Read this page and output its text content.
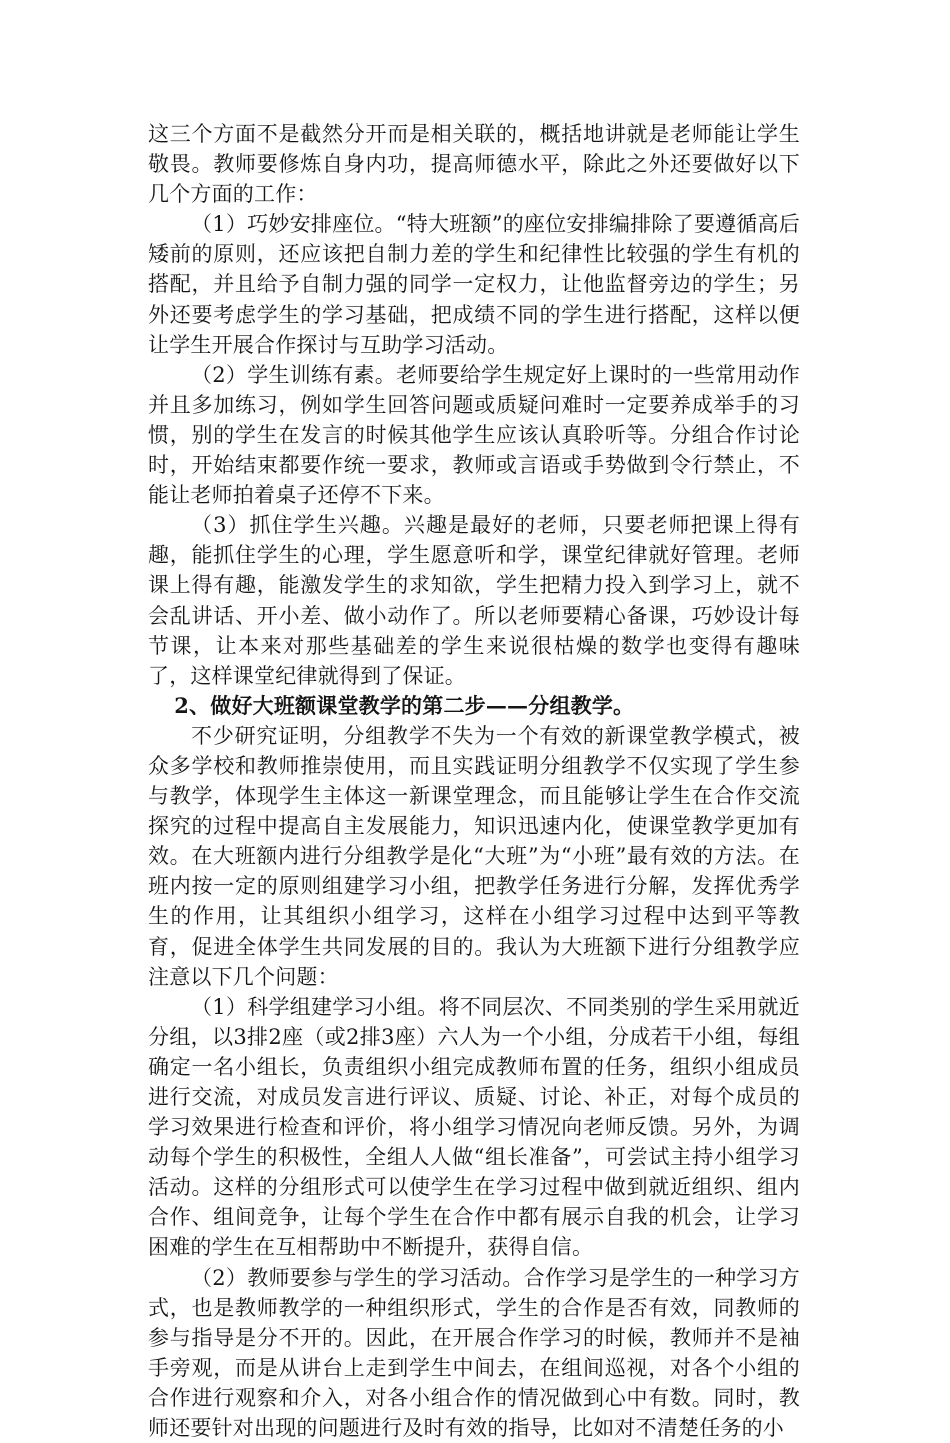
这三个方面不是截然分开而是相关联的，概括地讲就是老师能让学生敬畏。教师要修炼自身内功，提高师德水平，除此之外还要做好以下几个方面的工作：

（1）巧妙安排座位。“特大班额”的座位安排编排除了要遵循高后矮前的原则，还应该把自制力差的学生和纪律性比较强的学生有机的搭配，并且给予自制力强的同学一定权力，让他监督旁边的学生；另外还要考虑学生的学习基础，把成绩不同的学生进行搭配，这样以便让学生开展合作探讨与互助学习活动。

（2）学生训练有素。老师要给学生规定好上课时的一些常用动作并且多加练习，例如学生回答问题或质疑问难时一定要养成举手的习惯，别的学生在发言的时候其他学生应该认真聆听等。分组合作讨论时，开始结束都要作统一要求，教师或言语或手势做到令行禁止，不能让老师拍着桌子还停不下来。

（3）抓住学生兴趣。兴趣是最好的老师，只要老师把课上得有趣，能抓住学生的心理，学生愿意听和学，课堂纪律就好管理。老师课上得有趣，能激发学生的求知欲，学生把精力投入到学习上，就不会乱讲话、开小差、做小动作了。所以老师要精心备课，巧妙设计每节课，让本来对那些基础差的学生来说很枯燥的数学也变得有趣味了，这样课堂纪律就得到了保证。

2、做好大班额课堂教学的第二步——分组教学。

不少研究证明，分组教学不失为一个有效的新课堂教学模式，被众多学校和教师推崇使用，而且实践证明分组教学不仅实现了学生参与教学，体现学生主体这一新课堂理念，而且能够让学生在合作交流探究的过程中提高自主发展能力，知识迅速内化，使课堂教学更加有效。在大班额内进行分组教学是化“大班”为“小班”最有效的方法。在班内按一定的原则组建学习小组，把教学任务进行分解，发挥优秀学生的作用，让其组织小组学习，这样在小组学习过程中达到平等教育，促进全体学生共同发展的目的。我认为大班额下进行分组教学应注意以下几个问题：

（1）科学组建学习小组。将不同层次、不同类别的学生采用就近分组，以3排2座（或2排3座）六人为一个小组，分成若干小组，每组确定一名小组长，负责组织小组完成教师布置的任务，组织小组成员进行交流，对成员发言进行评议、质疑、讨论、补正，对每个成员的学习效果进行检查和评价，将小组学习情况向老师反馈。另外，为调动每个学生的积极性，全组人人做“组长准备”，可尝试主持小组学习活动。这样的分组形式可以使学生在学习过程中做到就近组织、组内合作、组间竞争，让每个学生在合作中都有展示自我的机会，让学习困难的学生在互相帮助中不断提升，获得自信。

（2）教师要参与学生的学习活动。合作学习是学生的一种学习方式，也是教师教学的一种组织形式，学生的合作是否有效，同教师的参与指导是分不开的。因此，在开展合作学习的时候，教师并不是袖手旁观，而是从讲台上走到学生中间去，在组间巡视，对各个小组的合作进行观察和介入，对各小组合作的情况做到心中有数。同时，教师还要针对出现的问题进行及时有效的指导，比如对不清楚任务的小
